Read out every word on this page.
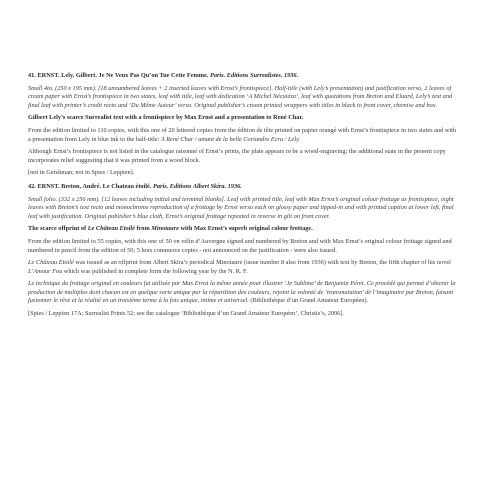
41. ERNST. Lely, Gilbert. Je Ne Veux Pas Qu’on Tue Cette Femme. Paris. Editions Surrealistes. 1936.

Small 4to. (250 x 195 mm). [18 unnumbered leaves + 2 inserted leaves with Ernst’s frontispiece]. Half-title (with Lely’s presentation) and justification verso, 2 leaves of cream paper with Ernst’s frontispiece in two states, leaf with title, leaf with dedication ‘A Michel Nécuiéza’, leaf with quotations from Breton and Eluard, Lely’s text and final leaf with printer’s credit recto and ‘Du Même Auteur’ verso. Original publisher’s cream printed wrappers with titles in black to front cover, chemise and box.

Gilbert Lely’s scarce Surrealist text with a frontispiece by Max Ernst and a presentation to René Char.

From the edition limited to 110 copies, with this one of 20 lettered copies from the édition de tête printed on papier orangé with Ernst’s frontispiece in two states and with a presentation from Lely in blue ink to the half-title: A René Char / amant de la belle Coriandre Ecru / Lely.

Although Ernst’s frontispiece is not listed in the catalogue raisonné of Ernst’s prints, the plate appears to be a wood-engraving; the additional state in the present copy incorporates relief suggesting that it was printed from a wood block.

[not in Gershman; not in Spies / Leppien].

42. ERNST. Breton, André. Le Chateau étoilé. Paris. Editions Albert Skira. 1936.

Small folio. (332 x 256 mm). [12 leaves including initial and terminal blanks]. Leaf with printed title, leaf with Max Ernst’s original colour frottage as frontispiece, eight leaves with Breton’s text recto and monochrome reproduction of a frottage by Ernst verso each on glossy paper and tipped-in and with printed caption at lower left, final leaf with justification. Original publisher’s blue cloth, Ernst’s original frottage repeated in reverse in gilt on front cover.

The scarce offprint of Le Château Etoilé from Minotaure with Max Ernst’s superb original colour frottage.

From the edition limited to 55 copies, with this one of 50 on vélin d’Auvergne signed and numbered by Breton and with Max Ernst’s original colour frottage signed and numbered in pencil from the edition of 50; 5 hors commerce copies - not announced on the justification - were also issued.

Le Château Etoilé was issued as an offprint from Albert Skira’s periodical Minotaure (issue number 8 also from 1936) with text by Breton, the fifth chapter of his novel L’Amour Fou which was published in complete form the following year by the N. R. F.

Le technique du frottage original en couleurs fut utilisée par Max Ernst la même année pour illustrer ‘Je Sublime’ de Benjamin Péret. Ce procédé qui permet d’obtenir la production de multiples dont chacun est en quelque sorte unique par la répartition des couleurs, rejoint la volonté de ‘transmutation’ de l’imaginaire par Breton, faisant fusionner le rêve et la réalité en un troisième terme à la fois unique, intime et universel. (Bibliothèque d’un Grand Amateur Européen).

[Spies / Leppien 17A; Surrealist Prints 52; see the catalogue ‘Bibliothèque d’un Grand Amateur Européen’, Christie’s, 2006].
